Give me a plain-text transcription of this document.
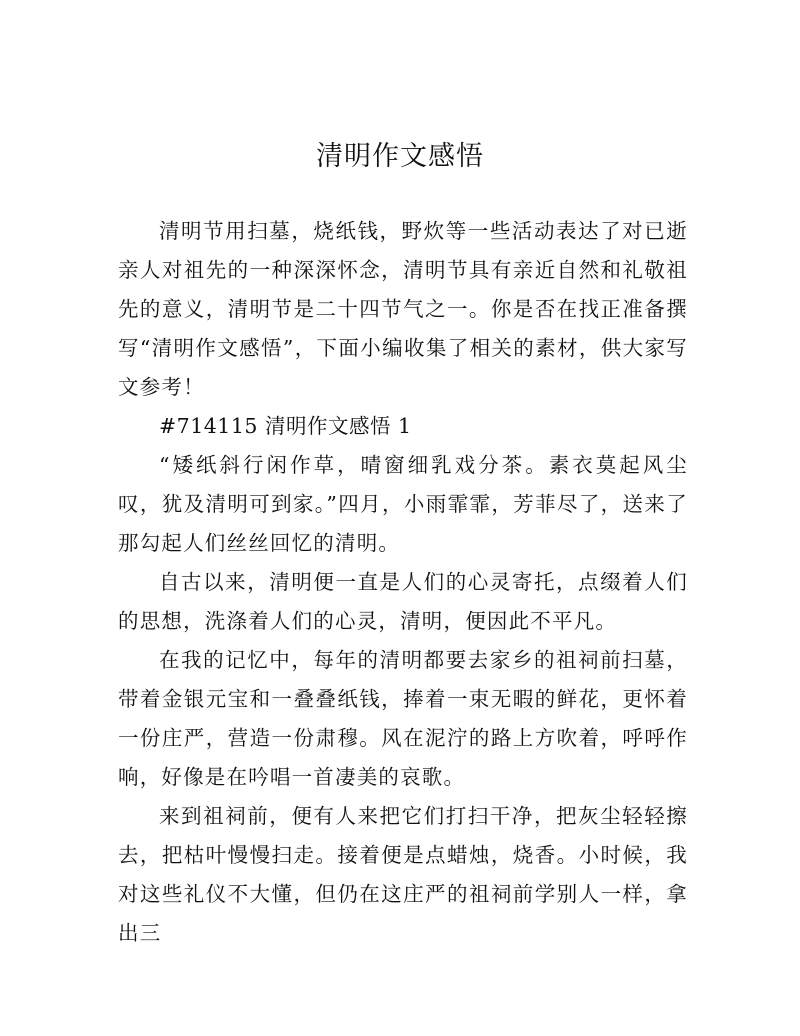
清明作文感悟

清明节用扫墓，烧纸钱，野炊等一些活动表达了对已逝亲人对祖先的一种深深怀念，清明节具有亲近自然和礼敬祖先的意义，清明节是二十四节气之一。你是否在找正准备撰写“清明作文感悟”，下面小编收集了相关的素材，供大家写文参考！

#714115 清明作文感悟 1

“矮纸斜行闲作草，晴窗细乳戏分茶。素衣莫起风尘叹，犹及清明可到家。”四月，小雨霏霏，芳菲尽了，送来了那勾起人们丝丝回忆的清明。

自古以来，清明便一直是人们的心灵寄托，点缀着人们的思想，洗涤着人们的心灵，清明，便因此不平凡。

在我的记忆中，每年的清明都要去家乡的祖祠前扫墓，带着金银元宝和一叠叠纸钱，捧着一束无暇的鲜花，更怀着一份庄严，营造一份肃穆。风在泥泞的路上方吹着，呼呼作响，好像是在吟唱一首凄美的哀歌。

来到祖祠前，便有人来把它们打扫干净，把灰尘轻轻擦去，把枯叶慢慢扫走。接着便是点蜡烛，烧香。小时候，我对这些礼仪不大懂，但仍在这庄严的祖祠前学别人一样，拿出三
